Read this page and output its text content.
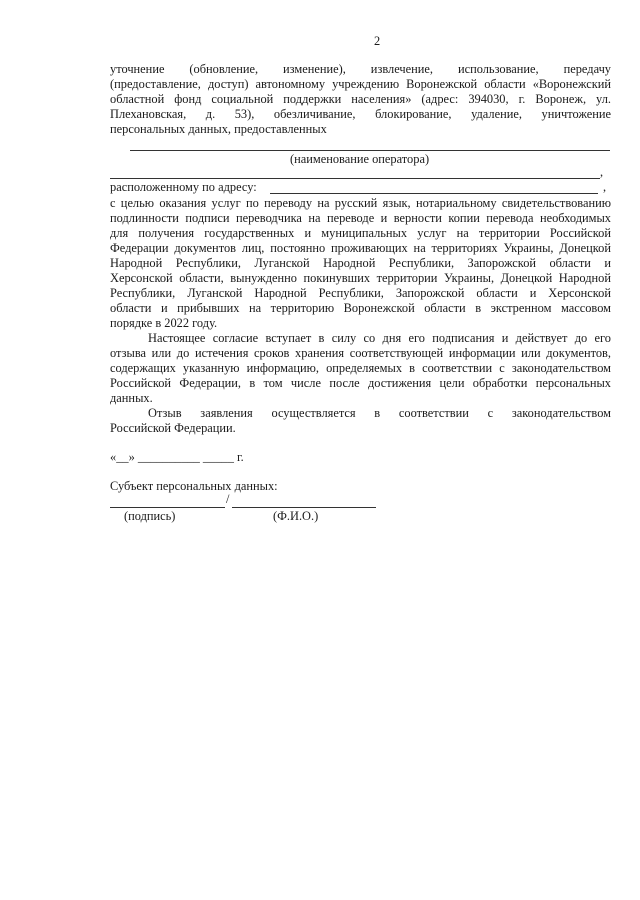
2
уточнение (обновление, изменение), извлечение, использование, передачу
(предоставление, доступ) автономному учреждению Воронежской области «Воронежский
областной фонд социальной поддержки населения» (адрес: 394030, г. Воронеж, ул.
Плехановская, д. 53), обезличивание, блокирование, удаление, уничтожение
персональных данных, предоставленных
(наименование оператора)
,
расположенному по адресу:	,
с целью оказания услуг по переводу на русский язык, нотариальному свидетельствованию
подлинности подписи переводчика на переводе и верности копии перевода необходимых
для получения государственных и муниципальных услуг на территории Российской
Федерации документов лиц, постоянно проживающих на территориях Украины, Донецкой
Народной Республики, Луганской Народной Республики, Запорожской области и
Херсонской области, вынужденно покинувших территории Украины, Донецкой Народной
Республики, Луганской Народной Республики, Запорожской области и Херсонской
области и прибывших на территорию Воронежской области в экстренном массовом
порядке в 2022 году.
Настоящее согласие вступает в силу со дня его подписания и действует до его
отзыва или до истечения сроков хранения соответствующей информации или документов,
содержащих указанную информацию, определяемых в соответствии с законодательством
Российской Федерации, в том числе после достижения цели обработки персональных
данных.
Отзыв заявления осуществляется в соответствии с законодательством
Российской Федерации.
«__» __________ _____ г.
Субъект персональных данных:
/
(подпись)	(Ф.И.О.)
